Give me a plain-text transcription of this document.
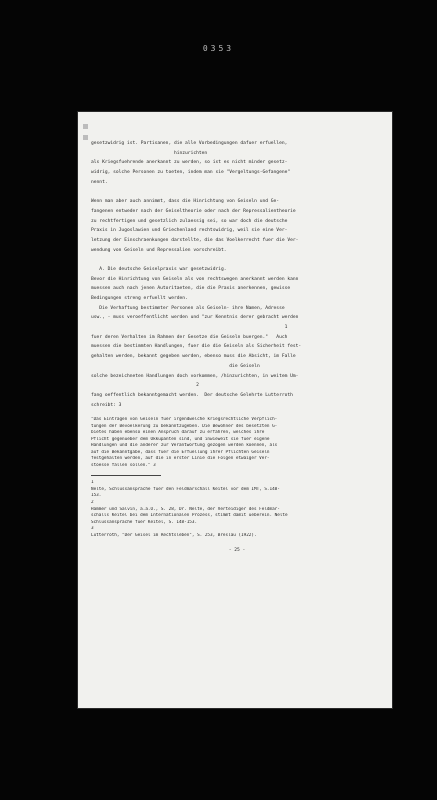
0353
gesetzwidrig ist. Partisanen, die alle Vorbedingungen dafuer erfuellen,
hinzurichten
als Kriegsfuehrende anerkannt zu werden, so ist es nicht minder gesetz-
widrig, solche Personen zu toeten, indem man sie "Vergeltungs-Gefangene"
nennt.
Wenn man aber auch annimmt, dass die Hinrichtung von Geiseln und Ge-
fangenen entweder nach der Geiseltheorie oder nach der Repressalientheorie
zu rechtfertigen und gesetzlich zulaessig sei, so war doch die deutsche
Praxis in Jugoslawien und Griechenland rechtswidrig, weil sie eine Ver-
letzung der Einschraenkungen darstellte, die das Voelkerrecht fuer die Ver-
wendung von Geiseln und Repressalien vorschreibt.
A. Die deutsche Geiselpraxis war gesetzwidrig.
Bevor die Hinrichtung von Geiseln als von rechtswegen anerkannt werden kann
muessen auch nach jenen Autoritaeten, die die Praxis anerkennen, gewisse
Bedingungen streng erfuellt werden.
Die Verhaftung bestimmter Personen als Geiseln- ihre Namen, Adresse
usw., - muss veroeffentlicht werden und "zur Kenntnis derer gebracht werden
1
fuer deren Verhalten im Rahmen der Gesetze die Geiseln buergen."   Auch
muessen die bestimmten Handlungen, fuer die die Geiseln als Sicherheit fest-
gehalten werden, bekannt gegeben werden, ebenso muss die Absicht, im Falle
die Geiseln
solche bezeichneten Handlungen doch vorkommen, /hinzurichten, in weitem Um-
2
fang oeffentlich bekanntgemacht werden.  Der deutsche Gelehrte Lutterroth
schreibt: 3
"Das Eintragen von Geiseln fuer irgendwelche kriegsrechtliche Verpflich-
tungen der Bevoelkerung zu bekanntzugeben. Die Bewohner des besetzten G-
bietes haben ebenso einen Anspruch darauf zu erfahren, welches ihre
Pflicht gegenueber dem Okkupanten sind, und inwieweit sie fuer eigene
Handlungen und die anderer zur Verantwortung gezogen werden koennen, als
auf die Bekanntgabe, dass fuer die Erfuellung ihrer Pflichten Geiseln
festgehalten werden, auf die in erster Linie die Folgen etwaiger Ver-
stoesse fallen sollen." 3
1
Nelte, Schlussansprache fuer den Feldmarschall Keitel vor dem IMT, S.148-
153.
2
Hammer und Salvin, a.a.O., S. 28, Dr. Nelte, der Verteidiger des Feldmar-
schalls Keitel bei dem Internationalen Prozess, stimmt damit ueberein. Nelte
Schlussansprache fuer Keitel, S. 148-153.
3
Lutterroth, "Der Geisel im Rechtsleben", S. 253, Breslau (1922).
- 25 -
